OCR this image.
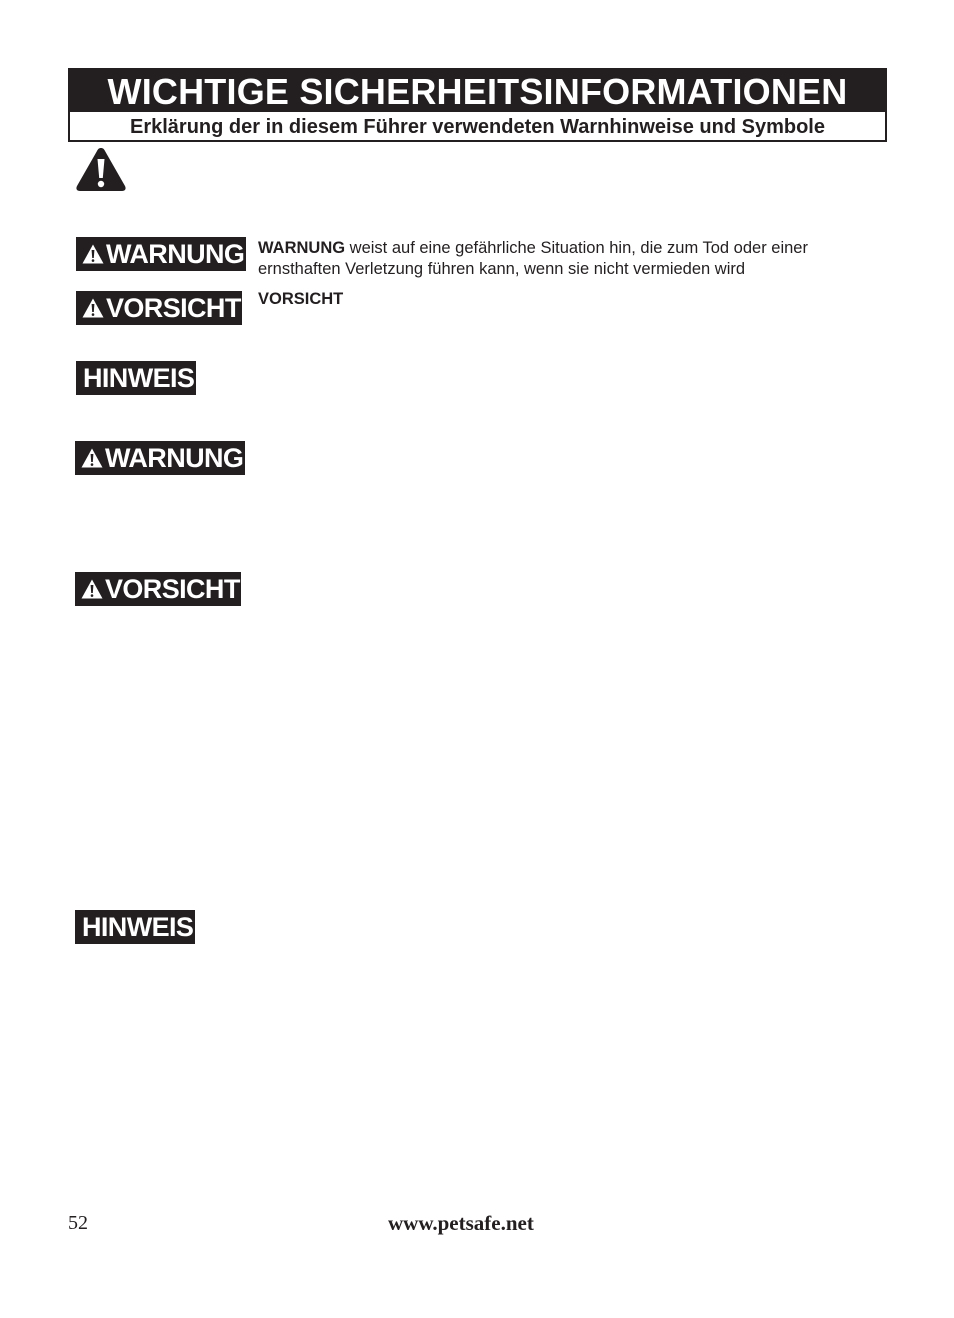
WICHTIGE SICHERHEITSINFORMATIONEN
Erklärung der in diesem Führer verwendeten Warnhinweise und Symbole
WARNUNG WARNUNG weist auf eine gefährliche Situation hin, die zum Tod oder einer ernsthaften Verletzung führen kann, wenn sie nicht vermieden wird
VORSICHT VORSICHT
HINWEIS
WARNUNG
VORSICHT
HINWEIS
52	www.petsafe.net
